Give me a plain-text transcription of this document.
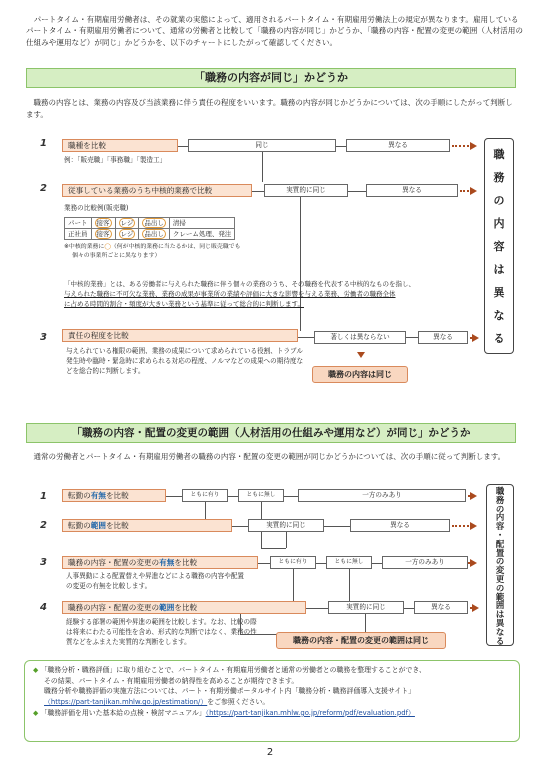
パートタイム・有期雇用労働者は、その就業の実態によって、適用されるパートタイム・有期雇用労働法上の規定が異なります。雇用しているパートタイム・有期雇用労働者について、通常の労働者と比較して「職務の内容が同じ」かどうか、「職務の内容・配置の変更の範囲（人材活用の仕組みや運用など）が同じ」かどうかを、以下のチャートにしたがって確認してください。
「職務の内容が同じ」かどうか
職務の内容とは、業務の内容及び当該業務に伴う責任の程度をいいます。職務の内容が同じかどうかについては、次の手順にしたがって判断します。
1	職種を比較	同じ	異なる
例：「販売職」「事務職」「製造工」
2	従事している業務のうち中核的業務で比較	実質的に同じ	異なる
業務の比較例(販売職)
パート	接客	レジ	品出し	清掃
正社員	接客	レジ	品出し	クレーム処理、発注
※中核的業務に◯（何が中核的業務に当たるかは、同じ販売職でも
個々の事業所ごとに異なります）
「中核的業務」とは、ある労働者に与えられた職務に伴う個々の業務のうち、その職務を代表する中核的なものを指し、
与えられた職務に不可欠な業務、業務の成果が事業所の業績や評価に大きな影響を与える業務、労働者の職務全体
に占める時間的割合・頻度が大きい業務という基準に従って総合的に判断します。
3	責任の程度を比較	著しくは異ならない	異なる
与えられている権限の範囲、業務の成果について求められている役割、トラブル発生時や臨時・緊急時に求められる対応の程度、ノルマなどの成果への期待度などを総合的に判断します。	職務の内容は同じ
職
務
の
内
容
は
異
な
る
「職務の内容・配置の変更の範囲（人材活用の仕組みや運用など）が同じ」かどうか
通常の労働者とパートタイム・有期雇用労働者の職務の内容・配置の変更の範囲が同じかどうかについては、次の手順に従って判断します。
1	転勤の有無を比較	ともに有り	ともに無し	一方のみあり
2	転勤の範囲を比較	実質的に同じ	異なる
3	職務の内容・配置の変更の有無を比較	ともに有り	ともに無し	一方のみあり
人事異動による配置替えや昇進などによる職務の内容や配置の変更の有無を比較します。
4	職務の内容・配置の変更の範囲を比較	実質的に同じ	異なる
経験する部署の範囲や昇進の範囲を比較します。なお、比較の際は将来にわたる可能性を含め、形式的な判断ではなく、業務の性質などをふまえた実質的な判断をします。	職務の内容・配置の変更の範囲は同じ
職
務
の
内
容
・
配
置
の
変
更
の
範
囲
は
異
な
る
◆ 「職務分析・職務評価」に取り組むことで、パートタイム・有期雇用労働者と通常の労働者との職務を整理することができ、
その結果、パートタイム・有期雇用労働者の納得性を高めることが期待できます。
職務分析や職務評価の実施方法については、パート・有期労働ポータルサイト内「職務分析・職務評価導入支援サイト」
（https://part-tanjikan.mhlw.go.jp/estimation/）をご参照ください。
◆ 「職務評価を用いた基本給の点検・検討マニュアル」（https://part-tanjikan.mhlw.go.jp/reform/pdf/evaluation.pdf）
2
